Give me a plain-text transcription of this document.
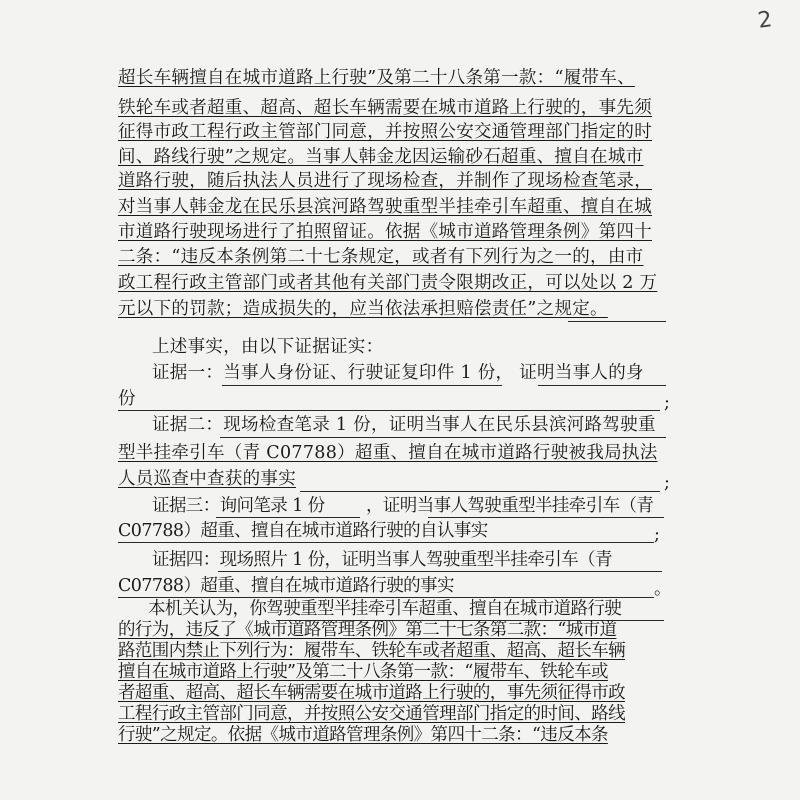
2
超长车辆擅自在城市道路上行驶”及第二十八条第一款：“履带车、
铁轮车或者超重、超高、超长车辆需要在城市道路上行驶的，事先须
征得市政工程行政主管部门同意，并按照公安交通管理部门指定的时
间、路线行驶”之规定。当事人韩金龙因运输砂石超重、擅自在城市
道路行驶，随后执法人员进行了现场检查，并制作了现场检查笔录，
对当事人韩金龙在民乐县滨河路驾驶重型半挂牵引车超重、擅自在城
市道路行驶现场进行了拍照留证。依据《城市道路管理条例》第四十
二条：“违反本条例第二十七条规定，或者有下列行为之一的，由市
政工程行政主管部门或者其他有关部门责令限期改正，可以处以 2 万
元以下的罚款；造成损失的，应当依法承担赔偿责任”之规定。
上述事实，由以下证据证实：
证据一：当事人身份证、行驶证复印件 1 份， 证明当事人的身
份	;
证据二：现场检查笔录 1 份，证明当事人在民乐县滨河路驾驶重
型半挂牵引车（青 C07788）超重、擅自在城市道路行驶被我局执法
人员巡查中查获的事实	;
证据三：询问笔录 1 份 ，证明当事人驾驶重型半挂牵引车（青
C07788）超重、擅自在城市道路行驶的自认事实	;
证据四：现场照片 1 份，证明当事人驾驶重型半挂牵引车（青
C07788）超重、擅自在城市道路行驶的事实	。
本机关认为，你驾驶重型半挂牵引车超重、擅自在城市道路行驶
的行为，违反了《城市道路管理条例》第二十七条第二款：“城市道
路范围内禁止下列行为：履带车、铁轮车或者超重、超高、超长车辆
擅自在城市道路上行驶”及第二十八条第一款：“履带车、铁轮车或
者超重、超高、超长车辆需要在城市道路上行驶的，事先须征得市政
工程行政主管部门同意，并按照公安交通管理部门指定的时间、路线
行驶”之规定。依据《城市道路管理条例》第四十二条：“违反本条
